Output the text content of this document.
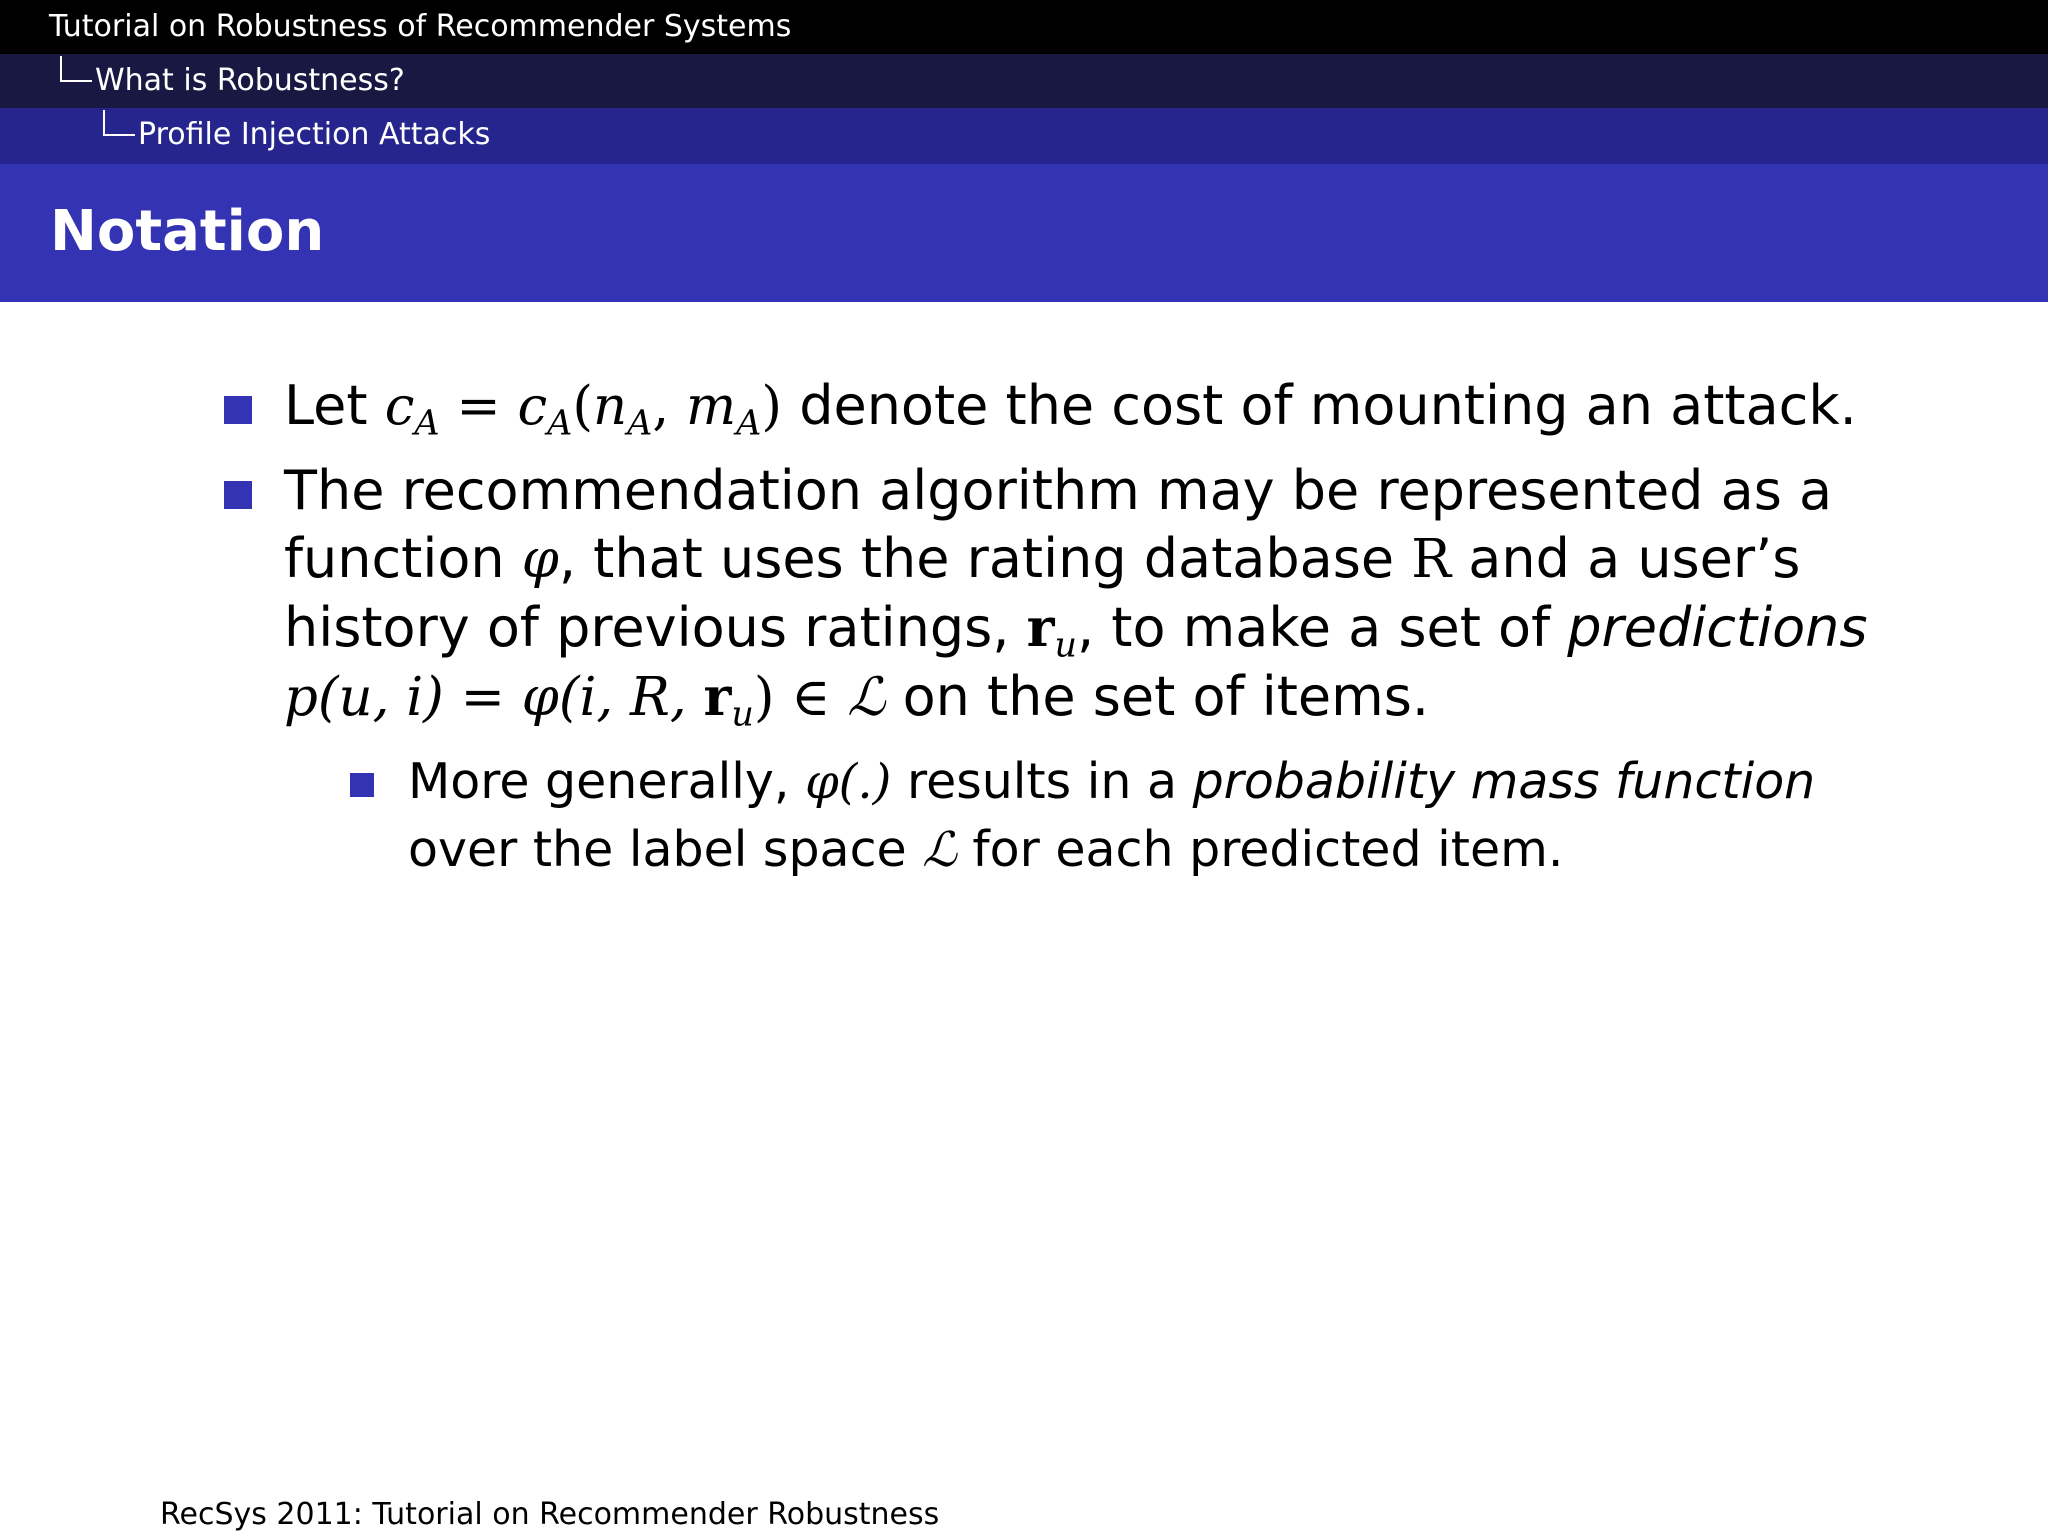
Tutorial on Robustness of Recommender Systems
What is Robustness?
Profile Injection Attacks
Notation
Let $c_A = c_A(n_A$, $m_A$) denote the cost of mounting an attack.
The recommendation algorithm may be represented as a function φ, that uses the rating database R and a user’s history of previous ratings, $r_u$, to make a set of predictions
p(u, i) = φ(i, R, $r_u$) ∈ ℒ on the set of items.
More generally, φ(.) results in a probability mass function over the label space ℒ for each predicted item.
RecSys 2011: Tutorial on Recommender Robustness
